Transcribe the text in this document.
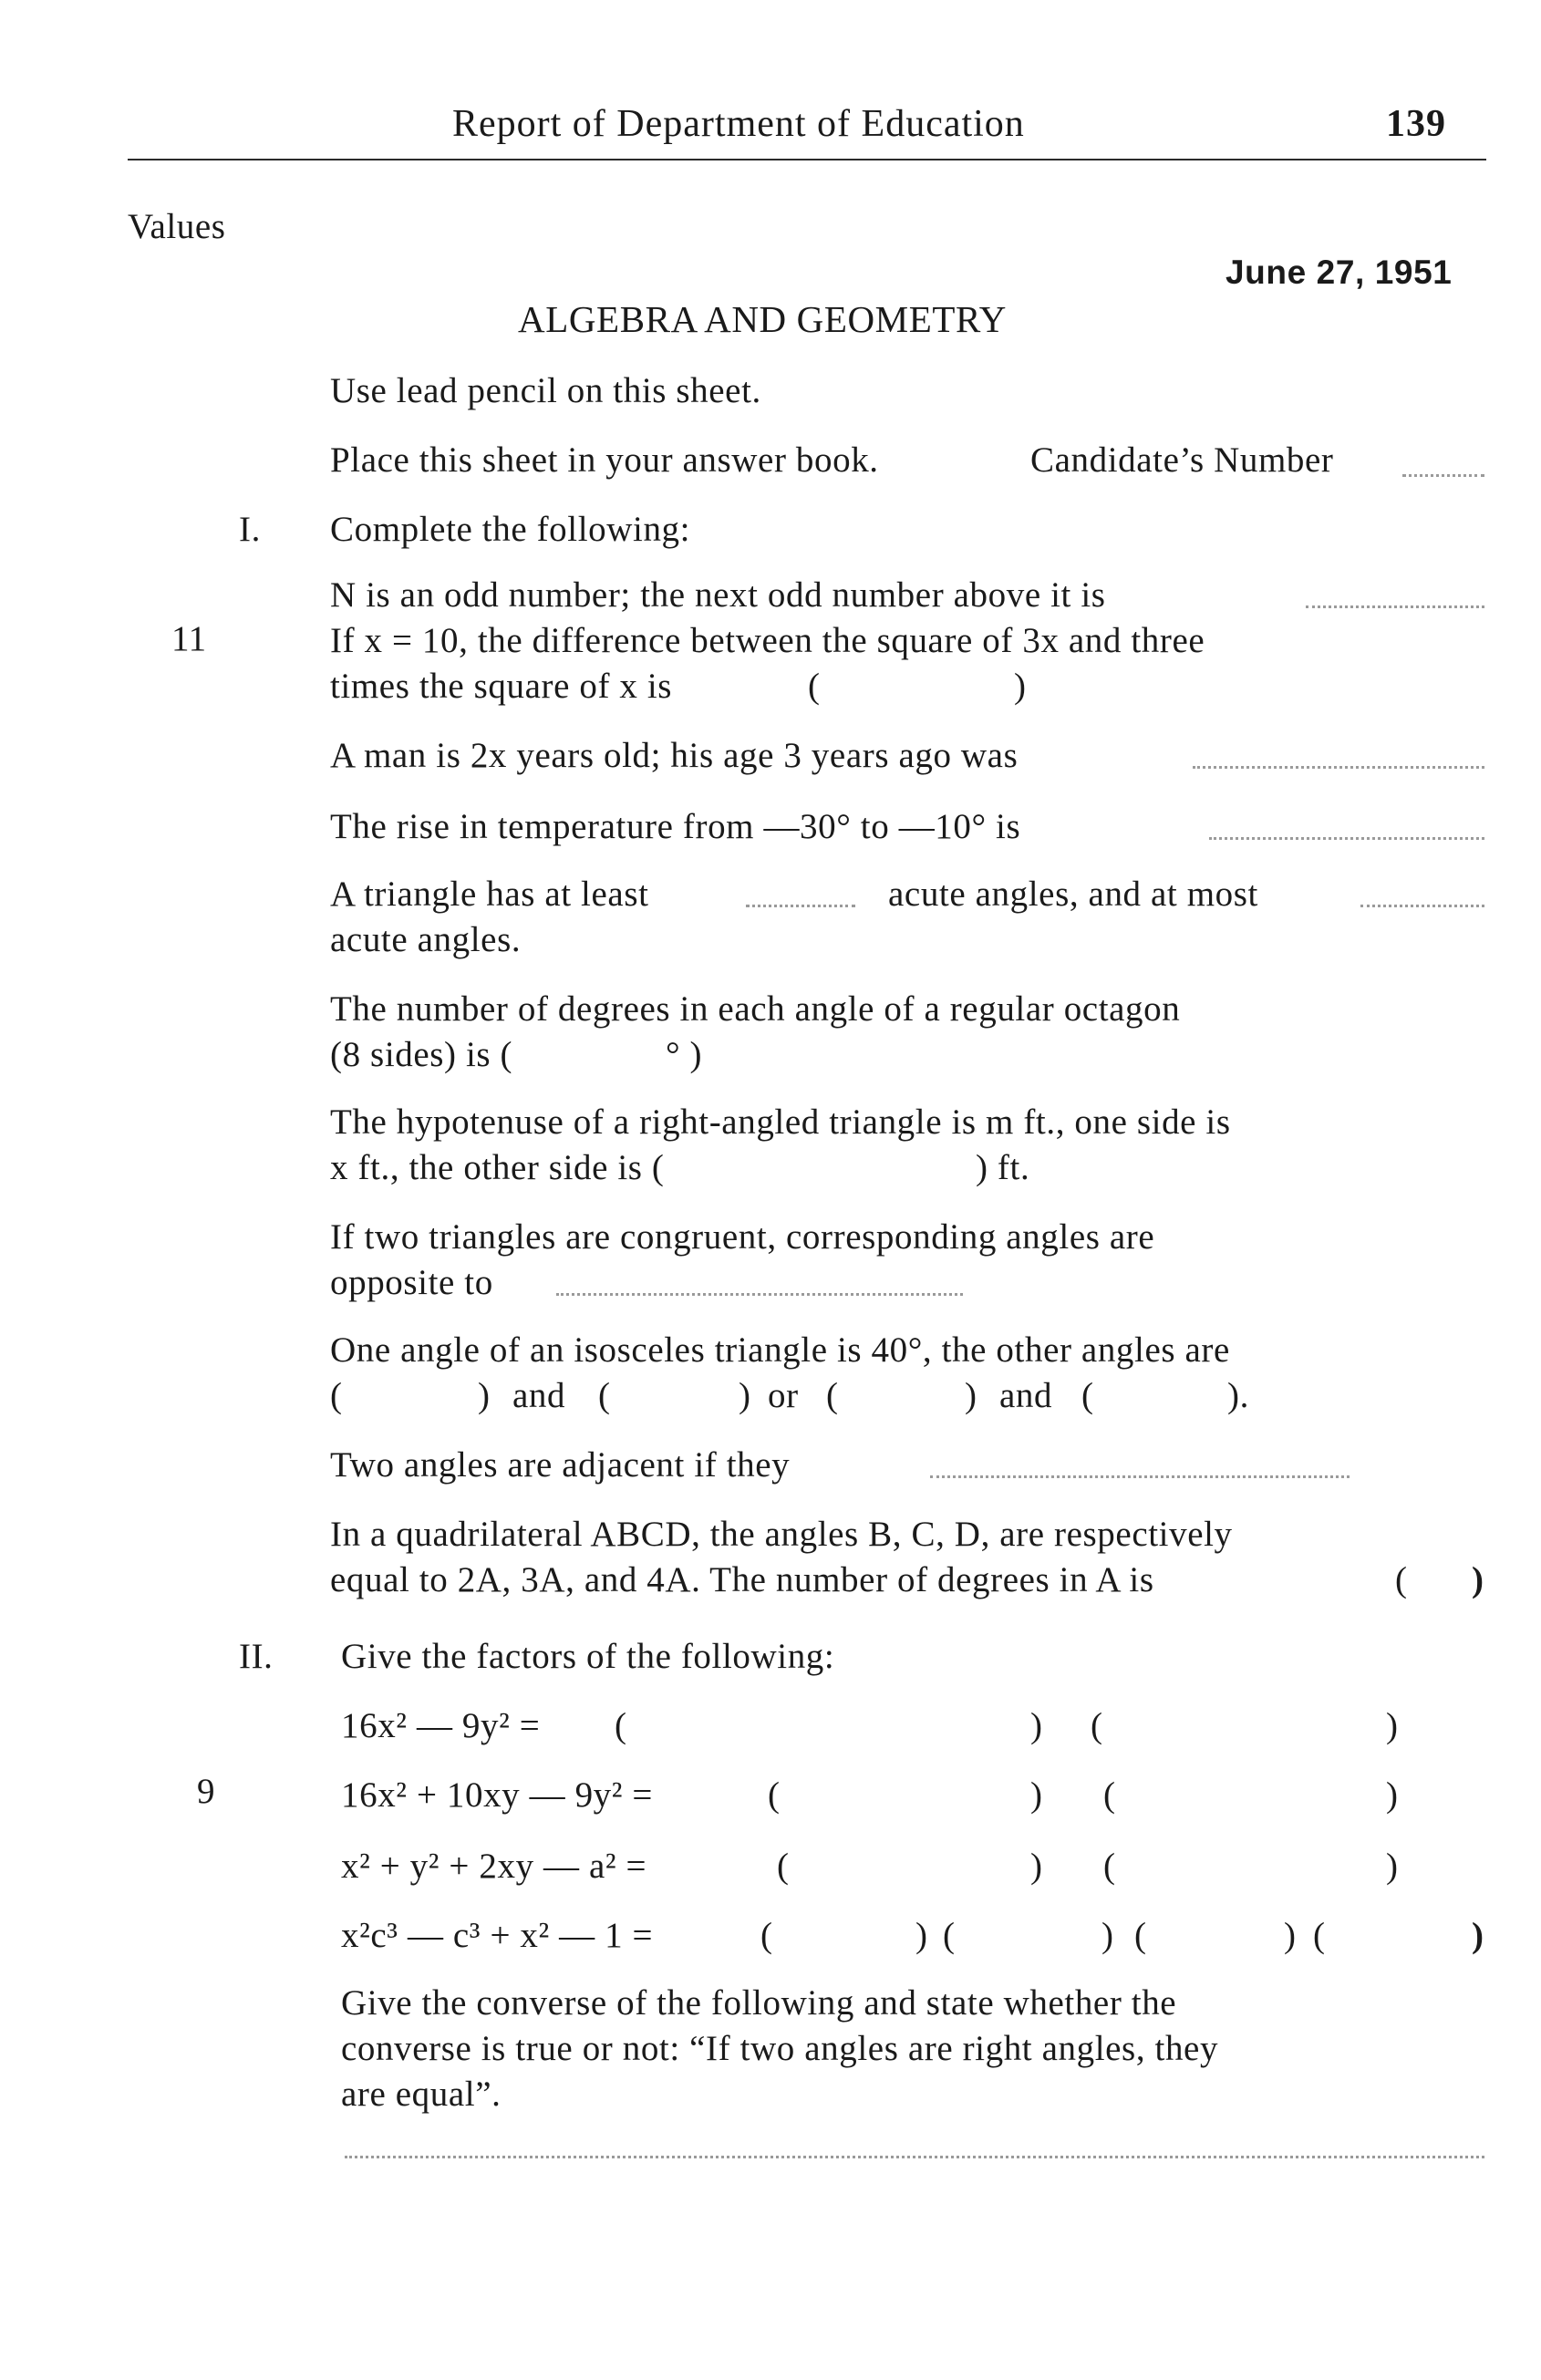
Report of Department of Education	139
Values
11
9
June 27, 1951
ALGEBRA AND GEOMETRY
Use lead pencil on this sheet.
Place this sheet in your answer book.	Candidate’s Number
I. Complete the following:
N is an odd number; the next odd number above it is
If x = 10, the difference between the square of 3x and three
times the square of x is	(	)
A man is 2x years old; his age 3 years ago was
The rise in temperature from —30° to —10° is
A triangle has at least	acute angles, and at most
acute angles.
The number of degrees in each angle of a regular octagon
(8 sides) is (	° )
The hypotenuse of a right-angled triangle is m ft., one side is
x ft., the other side is (	) ft.
If two triangles are congruent, corresponding angles are
opposite to
One angle of an isosceles triangle is 40°, the other angles are
(	) and (	) or (	) and (	).
Two angles are adjacent if they
In a quadrilateral ABCD, the angles B, C, D, are respectively
equal to 2A, 3A, and 4A. The number of degrees in A is	( )
II. Give the factors of the following:
16x² — 9y² = (	) (	)
16x² + 10xy — 9y² =	(	) (	)
x² + y² + 2xy — a² =	(	) (	)
x²c³ — c³ + x² — 1 =	(	) (	) (	) (	)
Give the converse of the following and state whether the
converse is true or not: “If two angles are right angles, they
are equal”.
